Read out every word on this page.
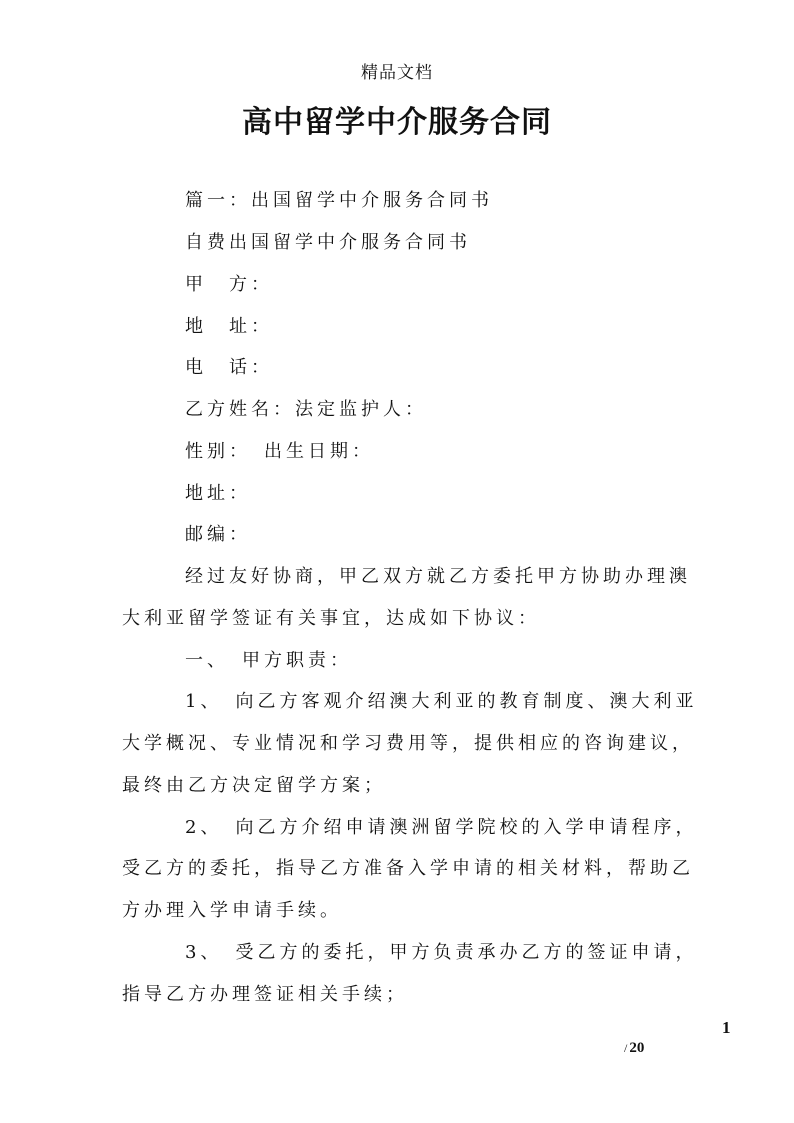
精品文档
高中留学中介服务合同
篇一：出国留学中介服务合同书
自费出国留学中介服务合同书
甲　方：
地　址：
电　话：
乙方姓名：法定监护人：
性别：　出生日期：
地址：
邮编：
经过友好协商，甲乙双方就乙方委托甲方协助办理澳
大利亚留学签证有关事宜，达成如下协议：
一、　甲方职责：
1、　向乙方客观介绍澳大利亚的教育制度、澳大利亚
大学概况、专业情况和学习费用等，提供相应的咨询建议，
最终由乙方决定留学方案；
2、　向乙方介绍申请澳洲留学院校的入学申请程序，
受乙方的委托，指导乙方准备入学申请的相关材料，帮助乙
方办理入学申请手续。
3、　受乙方的委托，甲方负责承办乙方的签证申请，
指导乙方办理签证相关手续；
1
/ 20
